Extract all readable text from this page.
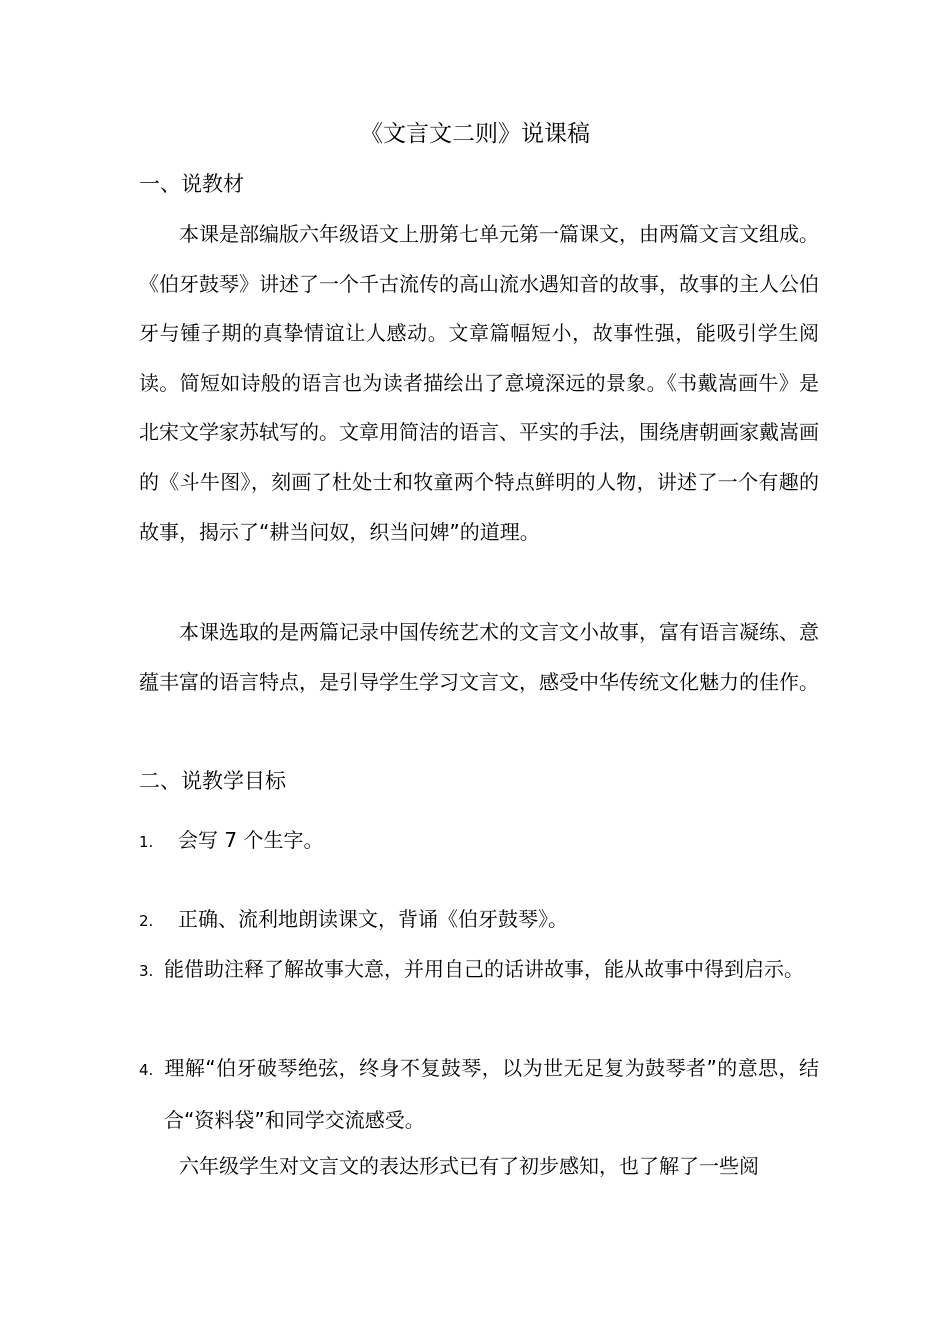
《文言文二则》说课稿
一、说教材

本课是部编版六年级语文上册第七单元第一篇课文，由两篇文言文组成。《伯牙鼓琴》讲述了一个千古流传的高山流水遇知音的故事，故事的主人公伯牙与锺子期的真挚情谊让人感动。文章篇幅短小，故事性强，能吸引学生阅读。简短如诗般的语言也为读者描绘出了意境深远的景象。《书戴嵩画牛》是北宋文学家苏轼写的。文章用简洁的语言、平实的手法，围绕唐朝画家戴嵩画的《斗牛图》，刻画了杜处士和牧童两个特点鲜明的人物，讲述了一个有趣的故事，揭示了“耕当问奴，织当问婢”的道理。

本课选取的是两篇记录中国传统艺术的文言文小故事，富有语言凝练、意蕴丰富的语言特点，是引导学生学习文言文，感受中华传统文化魅力的佳作。

二、说教学目标
1. 会写 7 个生字。
2. 正确、流利地朗读课文，背诵《伯牙鼓琴》。
3. 能借助注释了解故事大意，并用自己的话讲故事，能从故事中得到启示。
4. 理解“伯牙破琴绝弦，终身不复鼓琴，以为世无足复为鼓琴者”的意思，结合“资料袋”和同学交流感受。

六年级学生对文言文的表达形式已有了初步感知，也了解了一些阅
